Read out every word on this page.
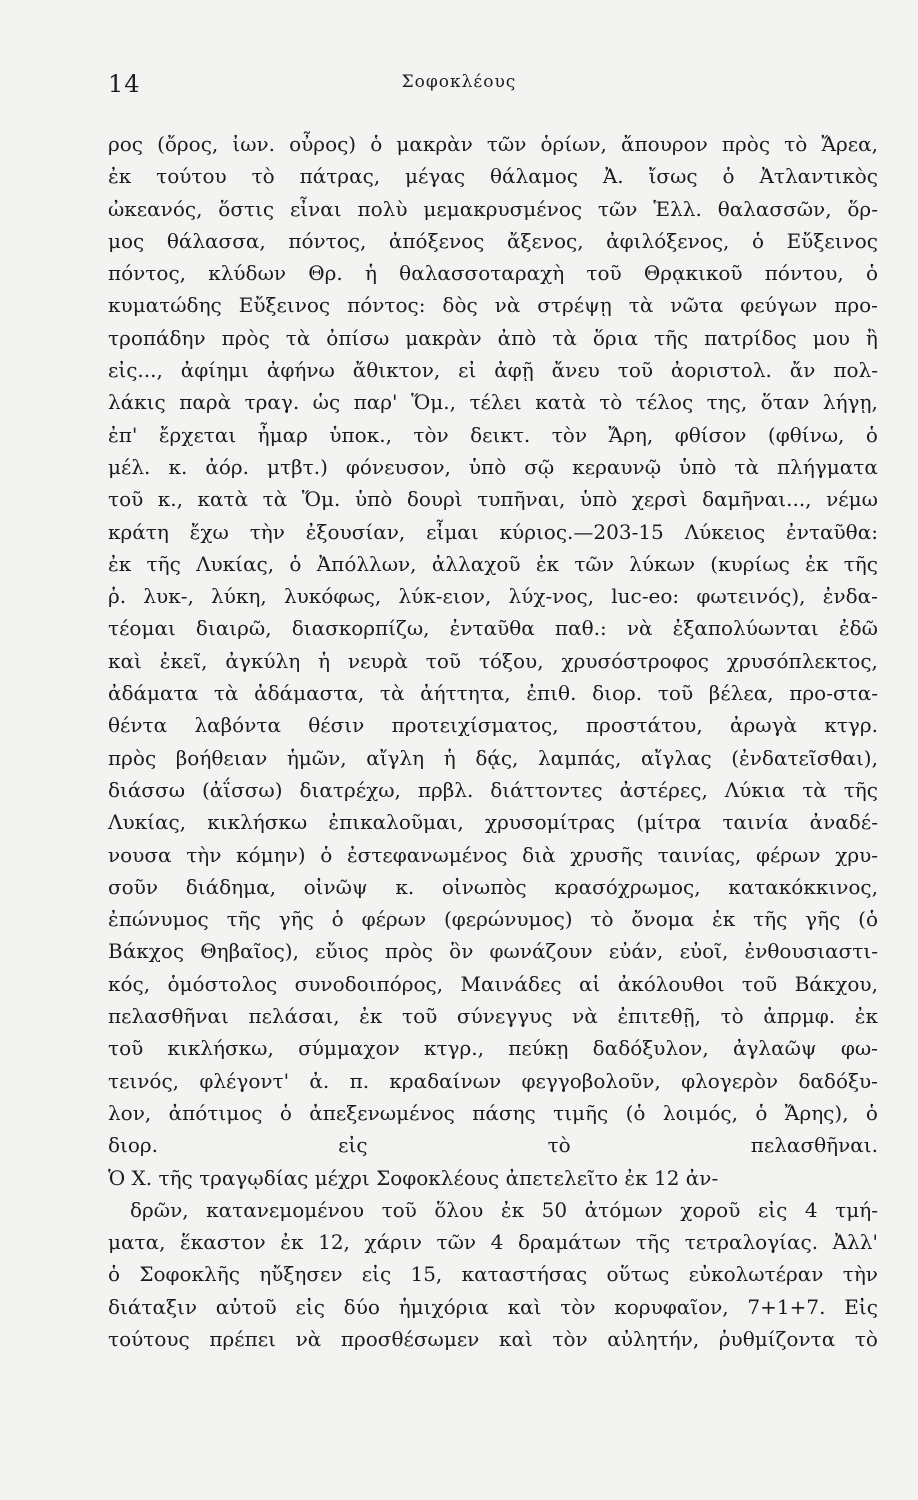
14	Σοφοκλέους
ρος (ὄρος, ἰων. οὖρος) ὁ μακρὰν τῶν ὁρίων, ἄπουρον πρὸς τὸ Ἄρεα,
ἐκ τούτου τὸ πάτρας, μέγας θάλαμος Ἀ. ἴσως ὁ Ἀτλαντικὸς
ὠκεανός, ὅστις εἶναι πολὺ μεμακρυσμένος τῶν Ἑλλ. θαλασσῶν, ὅρ-
μος θάλασσα, πόντος, ἀπόξενος ἄξενος, ἀφιλόξενος, ὁ Εὔξεινος
πόντος, κλύδων Θρ. ἡ θαλασσοταραχὴ τοῦ Θρᾳκικοῦ πόντου, ὁ
κυματώδης Εὔξεινος πόντος: δὸς νὰ στρέψῃ τὰ νῶτα φεύγων προ-
τροπάδην πρὸς τὰ ὀπίσω μακρὰν ἀπὸ τὰ ὅρια τῆς πατρίδος μου ἢ
εἰς..., ἀφίημι ἀφήνω ἄθικτον, εἰ ἀφῇ ἄνευ τοῦ ἀοριστολ. ἄν πολ-
λάκις παρὰ τραγ. ὡς παρ' Ὅμ., τέλει κατὰ τὸ τέλος της, ὅταν λήγῃ,
ἐπ' ἔρχεται ἦμαρ ὑποκ., τὸν δεικτ. τὸν Ἄρη, φθίσον (φθίνω, ὁ
μέλ. κ. ἀόρ. μτβτ.) φόνευσον, ὑπὸ σῷ κεραυνῷ ὑπὸ τὰ πλήγματα
τοῦ κ., κατὰ τὰ Ὅμ. ὑπὸ δουρὶ τυπῆναι, ὑπὸ χερσὶ δαμῆναι..., νέμω
κράτη ἔχω τὴν ἐξουσίαν, εἶμαι κύριος.—203-15 Λύκειος ἐνταῦθα:
ἐκ τῆς Λυκίας, ὁ Ἀπόλλων, ἀλλαχοῦ ἐκ τῶν λύκων (κυρίως ἐκ τῆς
ῥ. λυκ-, λύκη, λυκόφως, λύκ-ειον, λύχ-νος, luc-eo: φωτεινός), ἐνδα-
τέομαι διαιρῶ, διασκορπίζω, ἐνταῦθα παθ.: νὰ ἐξαπολύωνται ἐδῶ
καὶ ἐκεῖ, ἀγκύλη ἡ νευρὰ τοῦ τόξου, χρυσόστροφος χρυσόπλεκτος,
ἀδάματα τὰ ἀδάμαστα, τὰ ἀήττητα, ἐπιθ. διορ. τοῦ βέλεα, προ-στα-
θέντα λαβόντα θέσιν προτειχίσματος, προστάτου, ἀρωγὰ κτγρ.
πρὸς βοήθειαν ἡμῶν, αἴγλη ἡ δᾴς, λαμπάς, αἴγλας (ἐνδατεῖσθαι),
διάσσω (ἀΐσσω) διατρέχω, πρβλ. διάττοντες ἀστέρες, Λύκια τὰ τῆς
Λυκίας, κικλήσκω ἐπικαλοῦμαι, χρυσομίτρας (μίτρα ταινία ἀναδέ-
νουσα τὴν κόμην) ὁ ἐστεφανωμένος διὰ χρυσῆς ταινίας, φέρων χρυ-
σοῦν διάδημα, οἰνῶψ κ. οἰνωπὸς κρασόχρωμος, κατακόκκινος,
ἐπώνυμος τῆς γῆς ὁ φέρων (φερώνυμος) τὸ ὄνομα ἐκ τῆς γῆς (ὁ
Βάκχος Θηβαῖος), εὔιος πρὸς ὃν φωνάζουν εὐάν, εὐοῖ, ἐνθουσιαστι-
κός, ὁμόστολος συνοδοιπόρος, Μαινάδες αἱ ἀκόλουθοι τοῦ Βάκχου,
πελασθῆναι πελάσαι, ἐκ τοῦ σύνεγγυς νὰ ἐπιτεθῇ, τὸ ἀπρμφ. ἐκ
τοῦ κικλήσκω, σύμμαχον κτγρ., πεύκῃ δαδόξυλον, ἀγλαῶψ φω-
τεινός, φλέγοντ' ἀ. π. κραδαίνων φεγγοβολοῦν, φλογερὸν δαδόξυ-
λον, ἀπότιμος ὁ ἀπεξενωμένος πάσης τιμῆς (ὁ λοιμός, ὁ Ἄρης), ὁ
διορ.	εἰς	τὸ	πελασθῆναι.
Ὁ Χ. τῆς τραγῳδίας μέχρι Σοφοκλέους ἀπετελεῖτο ἐκ 12 ἀν-
δρῶν, κατανεμομένου τοῦ ὅλου ἐκ 50 ἀτόμων χοροῦ εἰς 4 τμή-
ματα, ἕκαστον ἐκ 12, χάριν τῶν 4 δραμάτων τῆς τετραλογίας. Ἀλλ'
ὁ Σοφοκλῆς ηὔξησεν εἰς 15, καταστήσας οὕτως εὐκολωτέραν τὴν
διάταξιν αὐτοῦ εἰς δύο ἡμιχόρια καὶ τὸν κορυφαῖον, 7+1+7. Εἰς
τούτους πρέπει νὰ προσθέσωμεν καὶ τὸν αὐλητήν, ῥυθμίζοντα τὸ
